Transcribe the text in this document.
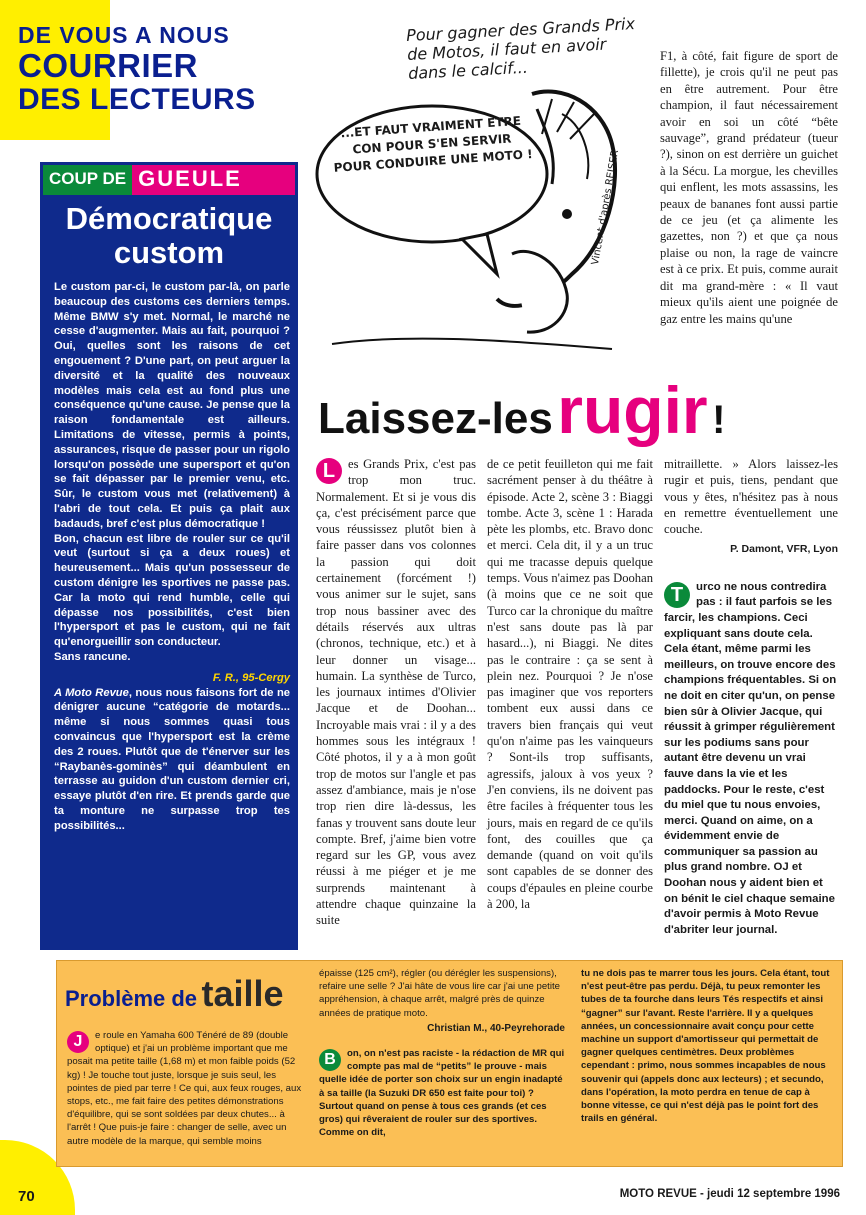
DE VOUS A NOUS
COURRIER
DES LECTEURS
COUP DE GUEULE
Démocratique custom

Le custom par-ci, le custom par-là, on parle beaucoup des customs ces derniers temps. Même BMW s'y met. Normal, le marché ne cesse d'augmenter. Mais au fait, pourquoi ? Oui, quelles sont les raisons de cet engouement ? D'une part, on peut arguer la diversité et la qualité des nouveaux modèles mais cela est au fond plus une conséquence qu'une cause. Je pense que la raison fondamentale est ailleurs. Limitations de vitesse, permis à points, assurances, risque de passer pour un rigolo lorsqu'on possède une supersport et qu'on se fait dépasser par le premier venu, etc. Sûr, le custom vous met (relativement) à l'abri de tout cela. Et puis ça plait aux badauds, bref c'est plus démocratique !

Bon, chacun est libre de rouler sur ce qu'il veut (surtout si ça a deux roues) et heureusement... Mais qu'un possesseur de custom dénigre les sportives ne passe pas. Car la moto qui rend humble, celle qui dépasse nos possibilités, c'est bien l'hypersport et pas le custom, qui ne fait qu'enorgueillir son conducteur.

Sans rancune.

F. R., 95-Cergy

A Moto Revue, nous nous faisons fort de ne dénigrer aucune “catégorie de motards... même si nous sommes quasi tous convaincus que l'hypersport est la crème des 2 roues. Plutôt que de t'énerver sur les “Raybanès-gominès” qui déambulent en terrasse au guidon d'un custom dernier cri, essaye plutôt d'en rire. Et prends garde que ta monture ne surpasse trop tes possibilités...

Pour gagner des Grands Prix de Motos, il faut en avoir dans le calcif...
...ET FAUT VRAIMENT ETRE CON POUR S'EN SERVIR POUR CONDUIRE UNE MOTO !	Vincent d'après REISER
F1, à côté, fait figure de sport de fillette), je crois qu'il ne peut pas en être autrement. Pour être champion, il faut nécessairement avoir en soi un côté “bête sauvage”, grand prédateur (tueur ?), sinon on est derrière un guichet à la Sécu. La morgue, les chevilles qui enflent, les mots assassins, les peaux de bananes font aussi partie de ce jeu (et ça alimente les gazettes, non ?) et que ça nous plaise ou non, la rage de vaincre est à ce prix. Et puis, comme aurait dit ma grand-mère : « Il vaut mieux qu'ils aient une poignée de gaz entre les mains qu'une
Laissez-les rugir !
L	es Grands Prix, c'est pas trop mon truc. Normalement. Et si je vous dis ça, c'est précisément parce que vous réussissez plutôt bien à faire passer dans vos colonnes la passion qui doit certainement (forcément !) vous animer sur le sujet, sans trop nous bassiner avec des détails réservés aux ultras (chronos, technique, etc.) et à leur donner un visage... humain. La synthèse de Turco, les journaux intimes d'Olivier Jacque et de Doohan... Incroyable mais vrai : il y a des hommes sous les intégraux ! Côté photos, il y a à mon goût trop de motos sur l'angle et pas assez d'ambiance, mais je n'ose trop rien dire là-dessus, les fanas y trouvent sans doute leur compte. Bref, j'aime bien votre regard sur les GP, vous avez réussi à me piéger et je me surprends maintenant à attendre chaque quinzaine la suite
de ce petit feuilleton qui me fait sacrément penser à du théâtre à épisode. Acte 2, scène 3 : Biaggi tombe. Acte 3, scène 1 : Harada pète les plombs, etc. Bravo donc et merci. Cela dit, il y a un truc qui me tracasse depuis quelque temps. Vous n'aimez pas Doohan (à moins que ce ne soit que Turco car la chronique du maître n'est sans doute pas là par hasard...), ni Biaggi. Ne dites pas le contraire : ça se sent à plein nez. Pourquoi ? Je n'ose pas imaginer que vos reporters tombent eux aussi dans ce travers bien français qui veut qu'on n'aime pas les vainqueurs ? Sont-ils trop suffisants, agressifs, jaloux à vos yeux ? J'en conviens, ils ne doivent pas être faciles à fréquenter tous les jours, mais en regard de ce qu'ils font, des couilles que ça demande (quand on voit qu'ils sont capables de se donner des coups d'épaules en pleine courbe à 200, la
mitraillette. » Alors laissez-les rugir et puis, tiens, pendant que vous y êtes, n'hésitez pas à nous en remettre éventuellement une couche.
P. Damont, VFR, Lyon
T	urco ne nous contredira pas : il faut parfois se les farcir, les champions. Ceci expliquant sans doute cela. Cela étant, même parmi les meilleurs, on trouve encore des champions fréquentables. Si on ne doit en citer qu'un, on pense bien sûr à Olivier Jacque, qui réussit à grimper régulièrement sur les podiums sans pour autant être devenu un vrai fauve dans la vie et les paddocks. Pour le reste, c'est du miel que tu nous envoies, merci. Quand on aime, on a évidemment envie de communiquer sa passion au plus grand nombre. OJ et Doohan nous y aident bien et on bénit le ciel chaque semaine d'avoir permis à Moto Revue d'abriter leur journal.
Problème de taille
J	e roule en Yamaha 600 Ténéré de 89 (double optique) et j'ai un problème important que me posait ma petite taille (1,68 m) et mon faible poids (52 kg) ! Je touche tout juste, lorsque je suis seul, les pointes de pied par terre ! Ce qui, aux feux rouges, aux stops, etc., me fait faire des petites démonstrations d'équilibre, qui se sont soldées par deux chutes... à l'arrêt ! Que puis-je faire : changer de selle, avec un autre modèle de la marque, qui semble moins
épaisse (125 cm²), régler (ou dérégler les suspensions), refaire une selle ? J'ai hâte de vous lire car j'ai une petite appréhension, à chaque arrêt, malgré près de quinze années de pratique moto.
Christian M., 40-Peyrehorade
B	on, on n'est pas raciste - la rédaction de MR qui compte pas mal de “petits” le prouve - mais quelle idée de porter son choix sur un engin inadapté à sa taille (la Suzuki DR 650 est faite pour toi) ? Surtout quand on pense à tous ces grands (et ces gros) qui rêveraient de rouler sur des sportives. Comme on dit,
tu ne dois pas te marrer tous les jours. Cela étant, tout n'est peut-être pas perdu. Déjà, tu peux remonter les tubes de ta fourche dans leurs Tés respectifs et ainsi “gagner” sur l'avant. Reste l'arrière. Il y a quelques années, un concessionnaire avait conçu pour cette machine un support d'amortisseur qui permettait de gagner quelques centimètres. Deux problèmes cependant : primo, nous sommes incapables de nous souvenir qui (appels donc aux lecteurs) ; et secundo, dans l'opération, la moto perdra en tenue de cap à bonne vitesse, ce qui n'est déjà pas le point fort des trails en général.
70	MOTO REVUE - jeudi 12 septembre 1996
